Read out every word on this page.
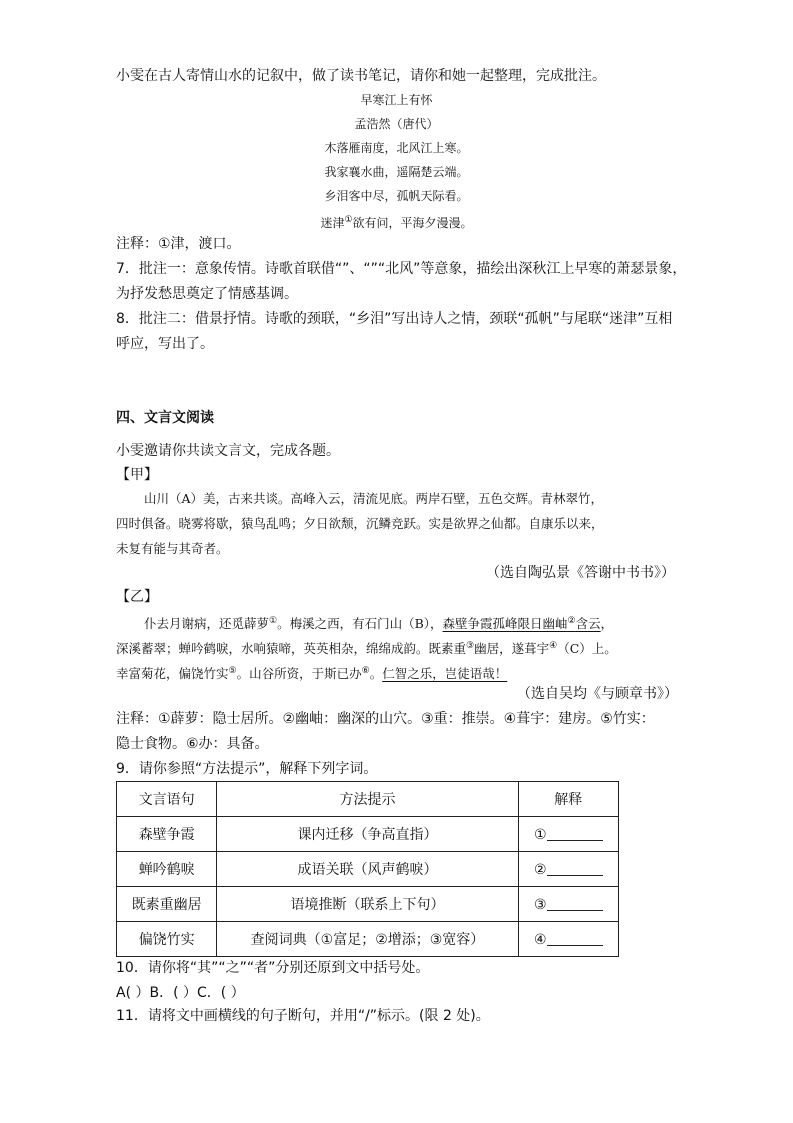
小雯在古人寄情山水的记叙中，做了读书笔记，请你和她一起整理，完成批注。
早寒江上有怀
孟浩然（唐代）
木落雁南度，北风江上寒。
我家襄水曲，遥隔楚云端。
乡泪客中尽，孤帆天际看。
迷津①欲有问，平海夕漫漫。
注释：①津，渡口。
7．批注一：意象传情。诗歌首联借“”、“”“北风”等意象，描绘出深秋江上早寒的萧瑟景象，
为抒发愁思奠定了情感基调。
8．批注二：借景抒情。诗歌的颈联，“乡泪”写出诗人之情，颈联“孤帆”与尾联“迷津”互相
呼应，写出了。
四、文言文阅读
小雯邀请你共读文言文，完成各题。
【甲】
山川（A）美，古来共谈。高峰入云，清流见底。两岸石壁，五色交辉。青林翠竹，
四时俱备。晓雾将歇，猿鸟乱鸣；夕日欲颓，沉鳞竞跃。实是欲界之仙都。自康乐以来，
未复有能与其奇者。
（选自陶弘景《答谢中书书》）
【乙】
仆去月谢病，还觅薜萝①。梅溪之西，有石门山（B），森壁争霞孤峰限日幽岫②含云，
深溪蓄翠；蝉吟鹤唳，水响猿啼，英英相杂，绵绵成韵。既素重③幽居，遂葺宇④（C）上。
幸富菊花，偏饶竹实⑤。山谷所资，于斯已办⑥。仁智之乐，岂徒语哉！
（选自吴均《与顾章书》）
注释：①薜萝：隐士居所。②幽岫：幽深的山穴。③重：推崇。④葺宇：建房。⑤竹实：
隐士食物。⑥办：具备。
9．请你参照“方法提示”，解释下列字词。
文言语句	方法提示	解释
森壁争霞	课内迁移（争高直指）	①
蝉吟鹤唳	成语关联（风声鹤唳）	②
既素重幽居	语境推断（联系上下句）	③
偏饶竹实	查阅词典（①富足；②增添；③宽容）	④
10．请你将“其”“之”“者”分别还原到文中括号处。
A( ）B．( ）C．( ）
11．请将文中画横线的句子断句，并用“/”标示。(限 2 处)。
